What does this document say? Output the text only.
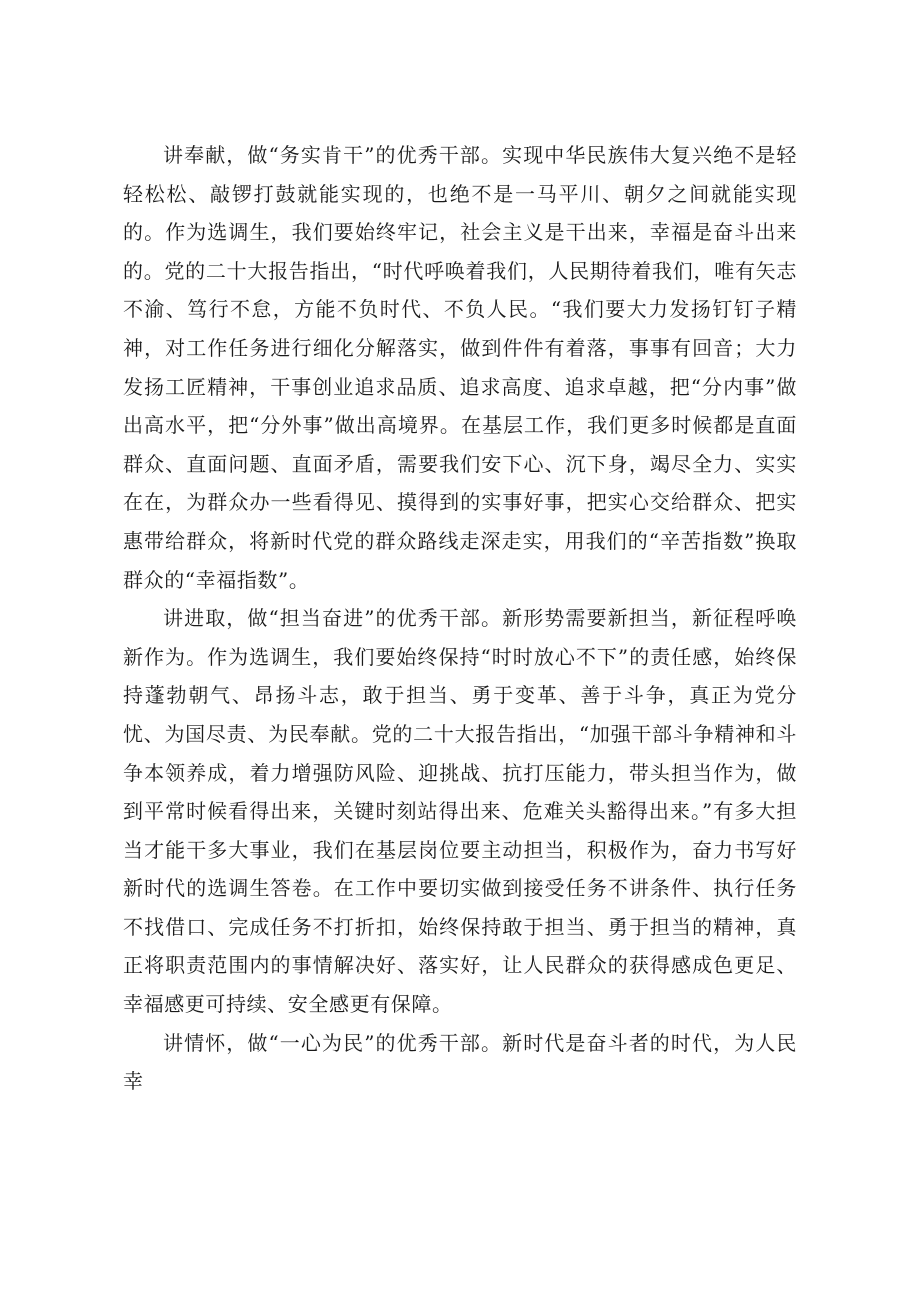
讲奉献，做“务实肯干”的优秀干部。实现中华民族伟大复兴绝不是轻轻松松、敲锣打鼓就能实现的，也绝不是一马平川、朝夕之间就能实现的。作为选调生，我们要始终牢记，社会主义是干出来，幸福是奋斗出来的。党的二十大报告指出，“时代呼唤着我们，人民期待着我们，唯有矢志不渝、笃行不怠，方能不负时代、不负人民。“我们要大力发扬钉钉子精神，对工作任务进行细化分解落实，做到件件有着落，事事有回音；大力发扬工匠精神，干事创业追求品质、追求高度、追求卓越，把“分内事”做出高水平，把“分外事”做出高境界。在基层工作，我们更多时候都是直面群众、直面问题、直面矛盾，需要我们安下心、沉下身，竭尽全力、实实在在，为群众办一些看得见、摸得到的实事好事，把实心交给群众、把实惠带给群众，将新时代党的群众路线走深走实，用我们的“辛苦指数”换取群众的“幸福指数”。

讲进取，做“担当奋进”的优秀干部。新形势需要新担当，新征程呼唤新作为。作为选调生，我们要始终保持“时时放心不下”的责任感，始终保持蓬勃朝气、昂扬斗志，敢于担当、勇于变革、善于斗争，真正为党分忧、为国尽责、为民奉献。党的二十大报告指出，“加强干部斗争精神和斗争本领养成，着力增强防风险、迎挑战、抗打压能力，带头担当作为，做到平常时候看得出来，关键时刻站得出来、危难关头豁得出来。”有多大担当才能干多大事业，我们在基层岗位要主动担当，积极作为，奋力书写好新时代的选调生答卷。在工作中要切实做到接受任务不讲条件、执行任务不找借口、完成任务不打折扣，始终保持敢于担当、勇于担当的精神，真正将职责范围内的事情解决好、落实好，让人民群众的获得感成色更足、幸福感更可持续、安全感更有保障。

讲情怀，做“一心为民”的优秀干部。新时代是奋斗者的时代，为人民幸
